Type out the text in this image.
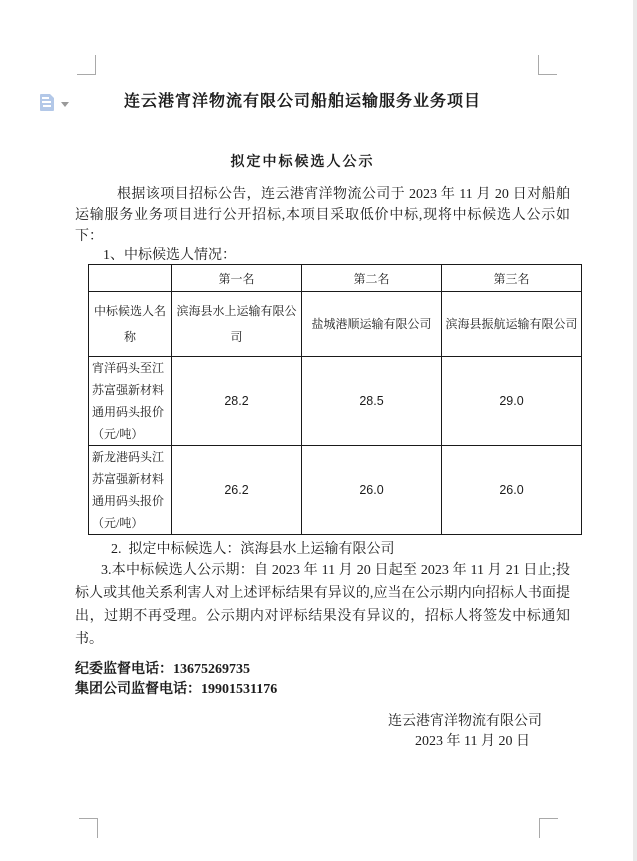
连云港宵洋物流有限公司船舶运输服务业务项目
拟定中标候选人公示

根据该项目招标公告，连云港宵洋物流公司于 2023 年 11 月 20 日对船舶运输服务业务项目进行公开招标,本项目采取低价中标,现将中标候选人公示如下：

1、中标候选人情况：

	第一名	第二名	第三名
中标候选人名称	滨海县水上运输有限公司	盐城港顺运输有限公司	滨海县振航运输有限公司
宵洋码头至江苏富强新材料通用码头报价（元/吨）	28.2	28.5	29.0
新龙港码头江苏富强新材料通用码头报价（元/吨）	26.2	26.0	26.0

2.  拟定中标候选人：滨海县水上运输有限公司

3.本中标候选人公示期：自 2023 年 11 月 20 日起至 2023 年 11 月 21 日止;投标人或其他关系利害人对上述评标结果有异议的,应当在公示期内向招标人书面提出，过期不再受理。公示期内对评标结果没有异议的，招标人将签发中标通知书。

纪委监督电话：13675269735

集团公司监督电话：19901531176

连云港宵洋物流有限公司

2023 年 11 月 20 日
